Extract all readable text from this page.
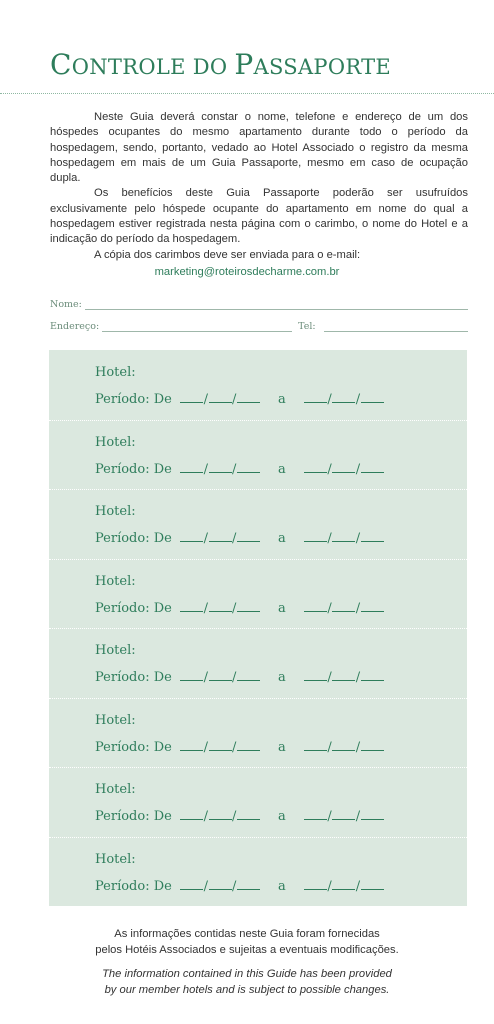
CONTROLE DO PASSAPORTE

Neste Guia deverá constar o nome, telefone e endereço de um dos hóspedes ocupantes do mesmo apartamento durante todo o período da hospedagem, sendo, portanto, vedado ao Hotel Associado o registro da mesma hospedagem em mais de um Guia Passaporte, mesmo em caso de ocupação dupla.

Os benefícios deste Guia Passaporte poderão ser usufruídos exclusivamente pelo hóspede ocupante do apartamento em nome do qual a hospedagem estiver registrada nesta página com o carimbo, o nome do Hotel e a indicação do período da hospedagem.

A cópia dos carimbos deve ser enviada para o e-mail:

marketing@roteirosdecharme.com.br
Nome:
Endereço:	Tel:
Hotel:
Período: De / /	a	/ /
Hotel:
Período: De / /	a	/ /
Hotel:
Período: De / /	a	/ /
Hotel:
Período: De / /	a	/ /
Hotel:
Período: De / /	a	/ /
Hotel:
Período: De / /	a	/ /
Hotel:
Período: De / /	a	/ /
Hotel:
Período: De / /	a	/ /
As informações contidas neste Guia foram fornecidas
pelos Hotéis Associados e sujeitas a eventuais modificações.
The information contained in this Guide has been provided
by our member hotels and is subject to possible changes.
